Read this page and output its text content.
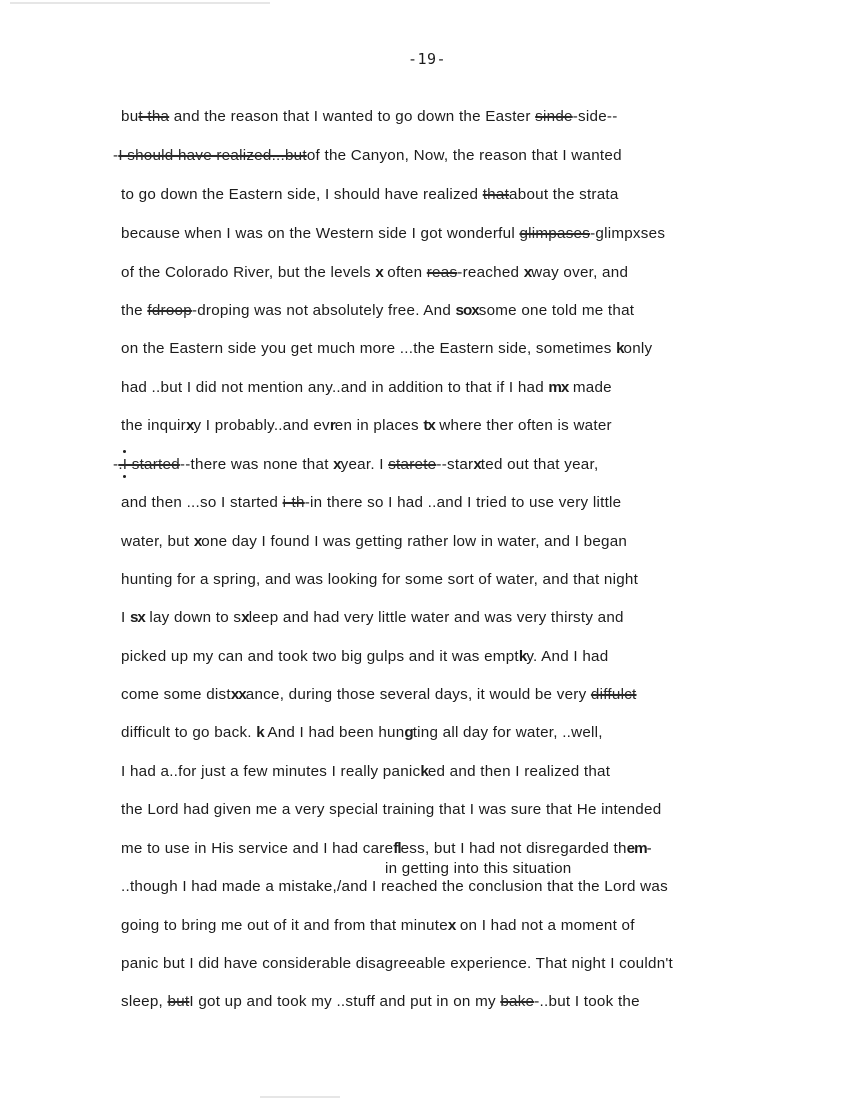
-19-
but tha and the reason that I wanted to go down the Easter sinde-side--
-I should have realized...butof the Canyon, Now, the reason that I wanted
to go down the Eastern side, I should have realized thatabout the strata
because when I was on the Western side I got wonderful glimpases-glimpxses
of the Colorado River, but the levels x often reas-reached xway over, and
the fdroop-droping was not absolutely free. And soxsome one told me that
on the Eastern side you get much more ...the Eastern side, sometimes konly
had ..but I did not mention any..and in addition to that if I had mx made
the inquirxy I probably..and evren in places tx where ther often is water
-.I started--there was none that xyear. I starete--starxted out that year,
and then ...so I started i-th-in there so I had ..and I tried to use very little
water, but xone day I found I was getting rather low in water, and I began
hunting for a spring, and was looking for some sort of water, and that night
I sx lay down to sxleep and had very little water and was very thirsty and
picked up my can and took two big gulps and it was emptky. And I had
come some distxxance, during those several days, it would be very diffulct
difficult to go back. k And I had been hungting all day for water, ..well,
I had a..for just a few minutes I really panicked and then I realized that
the Lord had given me a very special training that I was sure that He intended
me to use in His service and I had carefless, but I had not disregarded them-
..though I had made a mistake,/and I reached the conclusion that the Lord was
going to bring me out of it and from that minutex on I had not a moment of
panic but I did have considerable disagreeable experience. That night I couldn't
sleep, butI got up and took my ..stuff and put in on my bake-..but I took the
in getting into this situation
